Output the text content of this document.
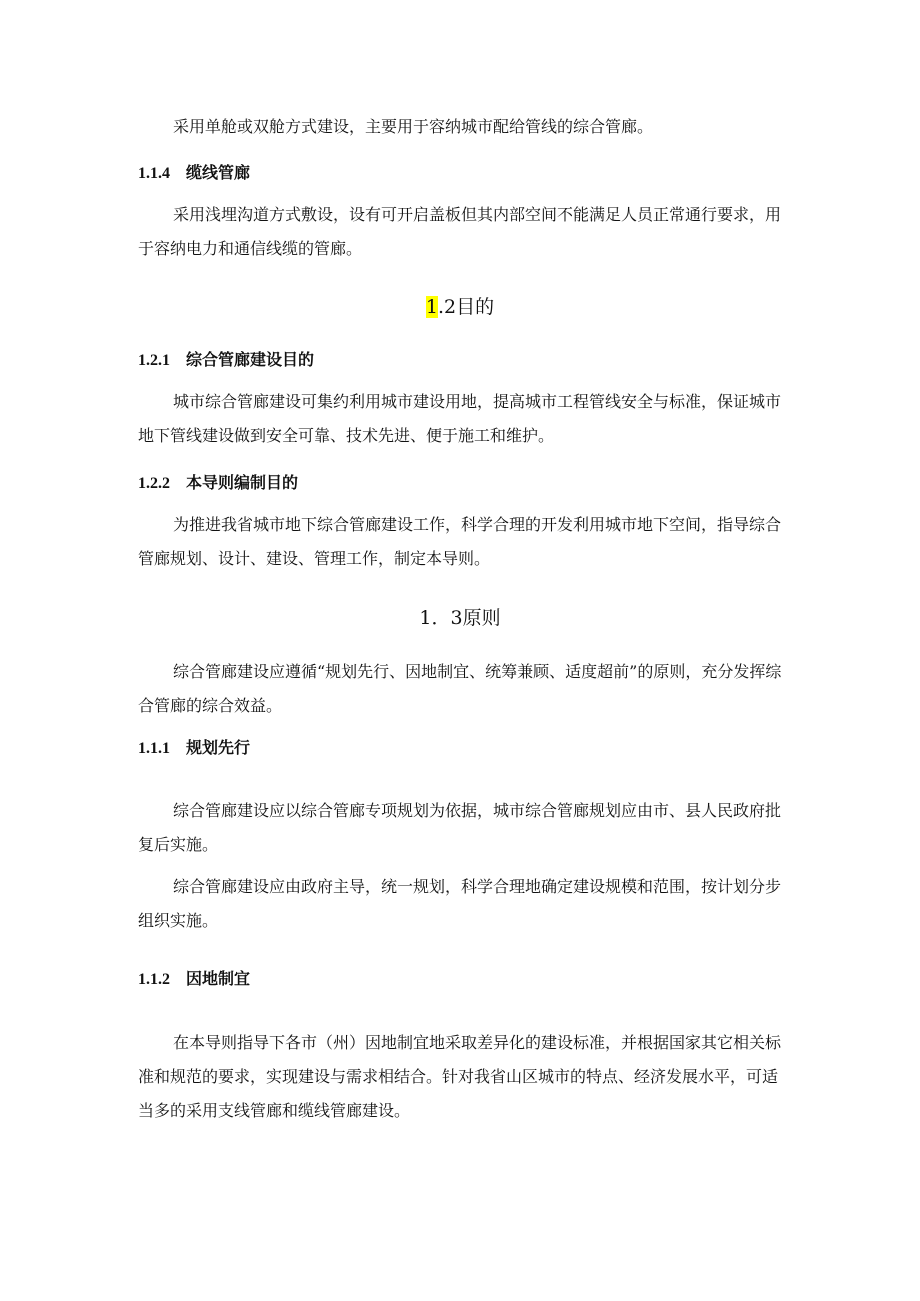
采用单舱或双舱方式建设，主要用于容纳城市配给管线的综合管廊。

1.1.4 缆线管廊

采用浅埋沟道方式敷设，设有可开启盖板但其内部空间不能满足人员正常通行要求，用于容纳电力和通信线缆的管廊。

1.2目的
1.2.1 综合管廊建设目的

城市综合管廊建设可集约利用城市建设用地，提高城市工程管线安全与标准，保证城市地下管线建设做到安全可靠、技术先进、便于施工和维护。

1.2.2 本导则编制目的

为推进我省城市地下综合管廊建设工作，科学合理的开发利用城市地下空间，指导综合管廊规划、设计、建设、管理工作，制定本导则。

1．3原则

综合管廊建设应遵循“规划先行、因地制宜、统筹兼顾、适度超前”的原则，充分发挥综合管廊的综合效益。

1.1.1 规划先行

综合管廊建设应以综合管廊专项规划为依据，城市综合管廊规划应由市、县人民政府批复后实施。

综合管廊建设应由政府主导，统一规划，科学合理地确定建设规模和范围，按计划分步组织实施。

1.1.2 因地制宜

在本导则指导下各市（州）因地制宜地采取差异化的建设标准，并根据国家其它相关标准和规范的要求，实现建设与需求相结合。针对我省山区城市的特点、经济发展水平，可适当多的采用支线管廊和缆线管廊建设。
